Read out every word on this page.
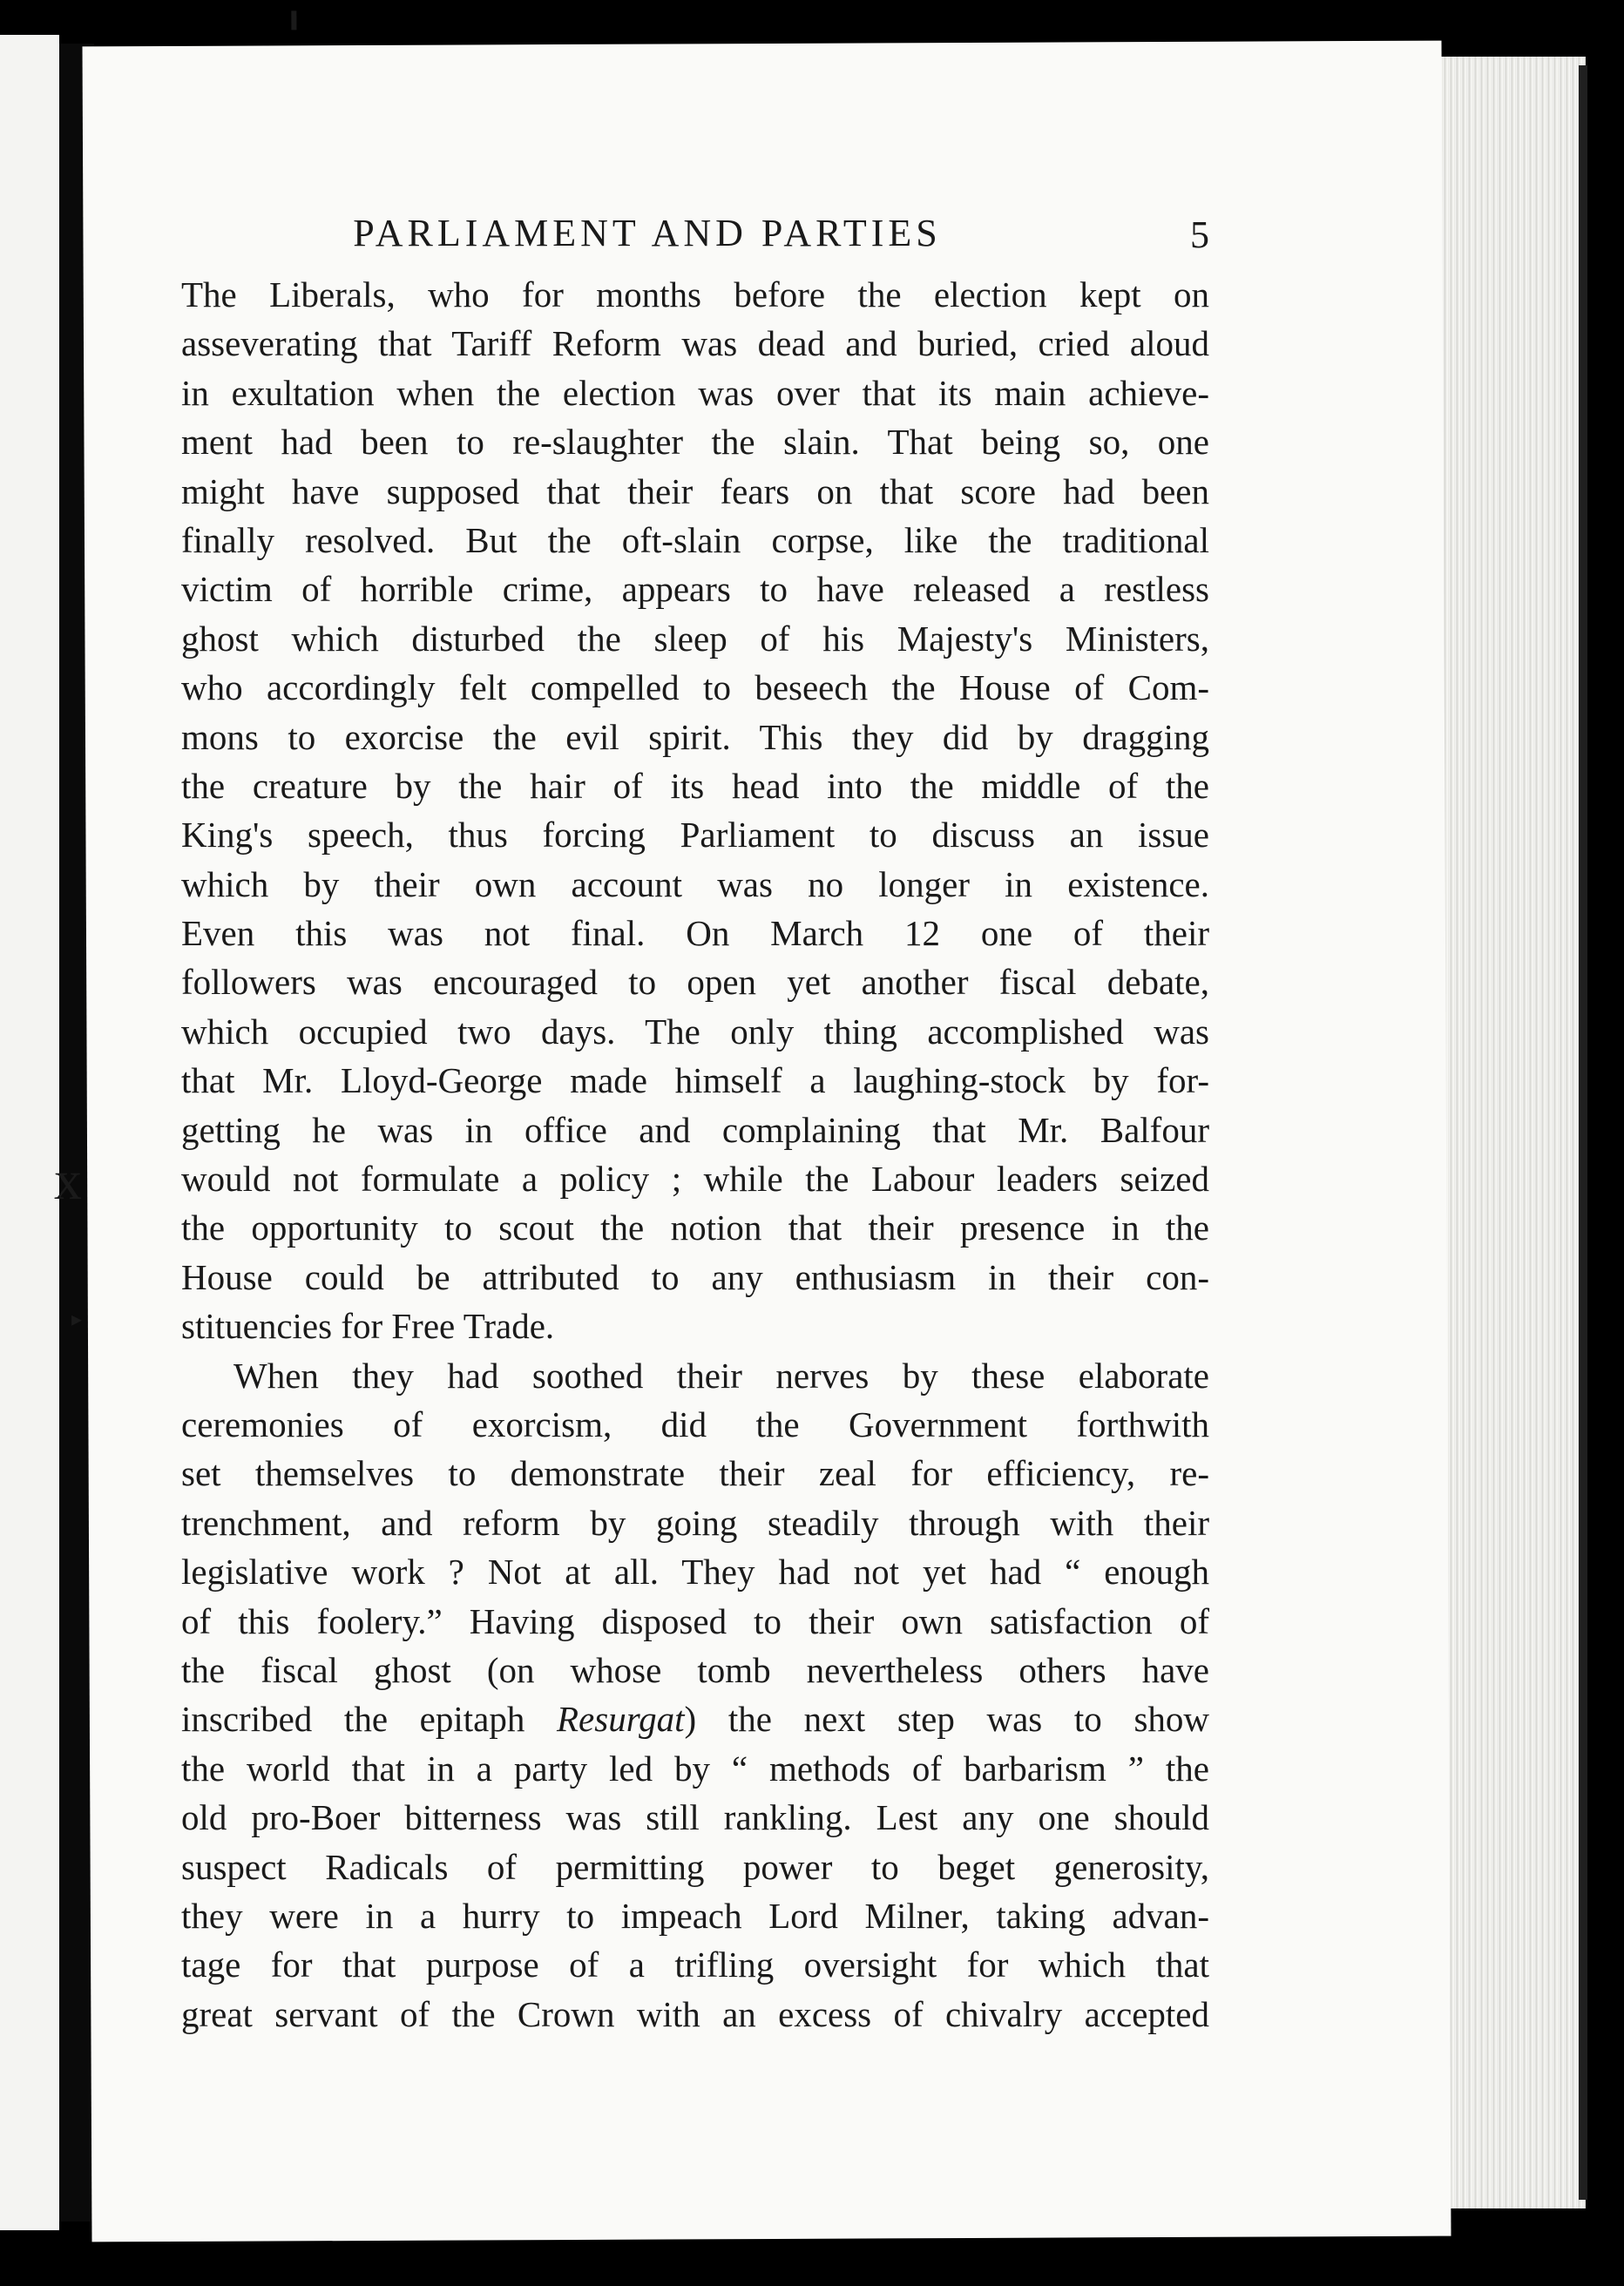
x
▸
PARLIAMENT AND PARTIES	5
The Liberals, who for months before the election kept on
asseverating that Tariff Reform was dead and buried, cried aloud
in exultation when the election was over that its main achieve-
ment had been to re-slaughter the slain. That being so, one
might have supposed that their fears on that score had been
finally resolved. But the oft-slain corpse, like the traditional
victim of horrible crime, appears to have released a restless
ghost which disturbed the sleep of his Majesty's Ministers,
who accordingly felt compelled to beseech the House of Com-
mons to exorcise the evil spirit. This they did by dragging
the creature by the hair of its head into the middle of the
King's speech, thus forcing Parliament to discuss an issue
which by their own account was no longer in existence.
Even this was not final. On March 12 one of their
followers was encouraged to open yet another fiscal debate,
which occupied two days. The only thing accomplished was
that Mr. Lloyd-George made himself a laughing-stock by for-
getting he was in office and complaining that Mr. Balfour
would not formulate a policy ; while the Labour leaders seized
the opportunity to scout the notion that their presence in the
House could be attributed to any enthusiasm in their con-
stituencies for Free Trade.
When they had soothed their nerves by these elaborate
ceremonies of exorcism, did the Government forthwith
set themselves to demonstrate their zeal for efficiency, re-
trenchment, and reform by going steadily through with their
legislative work ? Not at all. They had not yet had “ enough
of this foolery.” Having disposed to their own satisfaction of
the fiscal ghost (on whose tomb nevertheless others have
inscribed the epitaph Resurgat) the next step was to show
the world that in a party led by “ methods of barbarism ” the
old pro-Boer bitterness was still rankling. Lest any one should
suspect Radicals of permitting power to beget generosity,
they were in a hurry to impeach Lord Milner, taking advan-
tage for that purpose of a trifling oversight for which that
great servant of the Crown with an excess of chivalry accepted
